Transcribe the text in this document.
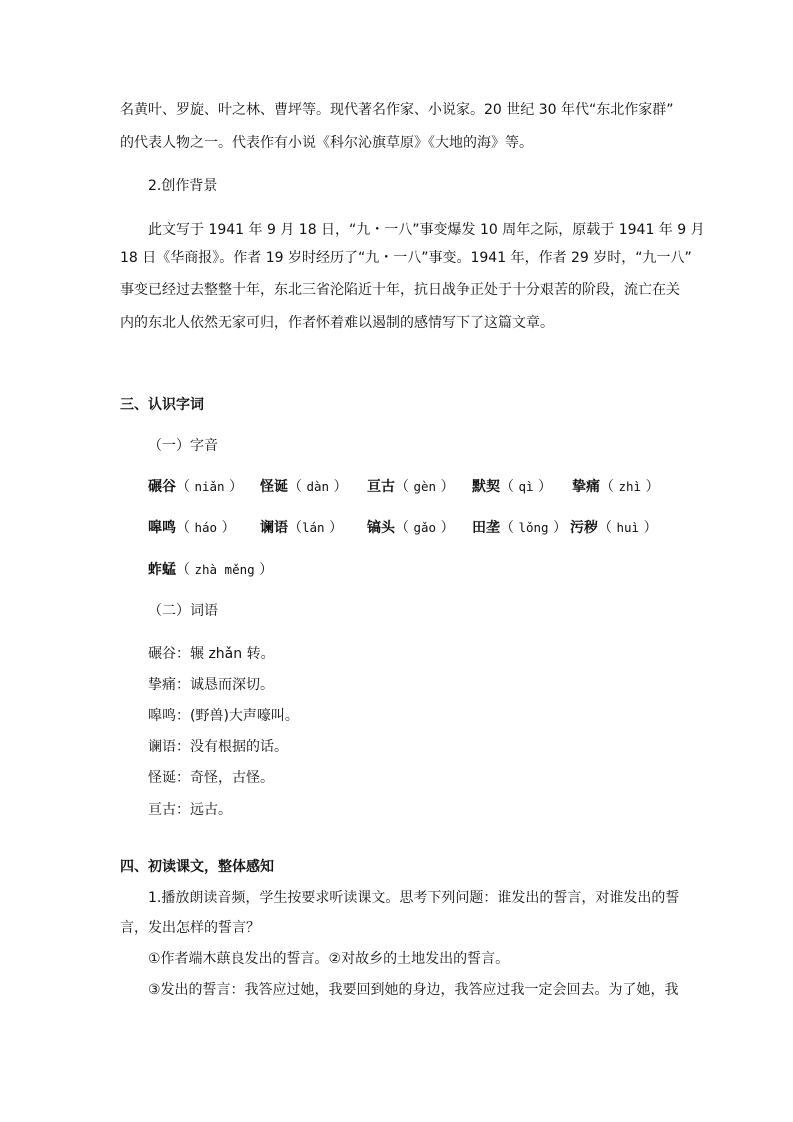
名黄叶、罗旋、叶之林、曹坪等。现代著名作家、小说家。20 世纪 30 年代“东北作家群”
的代表人物之一。代表作有小说《科尔沁旗草原》《大地的海》等。
2.创作背景
此文写于 1941 年 9 月 18 日，“九・一八”事变爆发 10 周年之际，原载于 1941 年 9 月
18 日《华商报》。作者 19 岁时经历了“九・一八”事变。1941 年，作者 29 岁时，“九一八”
事变已经过去整整十年，东北三省沦陷近十年，抗日战争正处于十分艰苦的阶段，流亡在关
内的东北人依然无家可归，作者怀着难以遏制的感情写下了这篇文章。
三、认识字词
（一）字音
碾谷（ niǎn ） 怪诞（ dàn ） 亘古（ gèn ） 默契（ qì ） 挚痛（ zhì ）
嗥鸣（ háo ） 谰语（lán ） 镐头（ gǎo ） 田垄（ lǒng ） 污秽（ huì ）
蚱蜢（ zhà měng ）
（二）词语
碾谷：辗 zhǎn 转。
挚痛：诚恳而深切。
嗥鸣：(野兽)大声嚎叫。
谰语：没有根据的话。
怪诞：奇怪，古怪。
亘古：远古。
四、初读课文，整体感知
1.播放朗读音频，学生按要求听读课文。思考下列问题：谁发出的誓言，对谁发出的誓
言，发出怎样的誓言？
①作者端木蕻良发出的誓言。②对故乡的土地发出的誓言。
③发出的誓言：我答应过她，我要回到她的身边，我答应过我一定会回去。为了她，我
